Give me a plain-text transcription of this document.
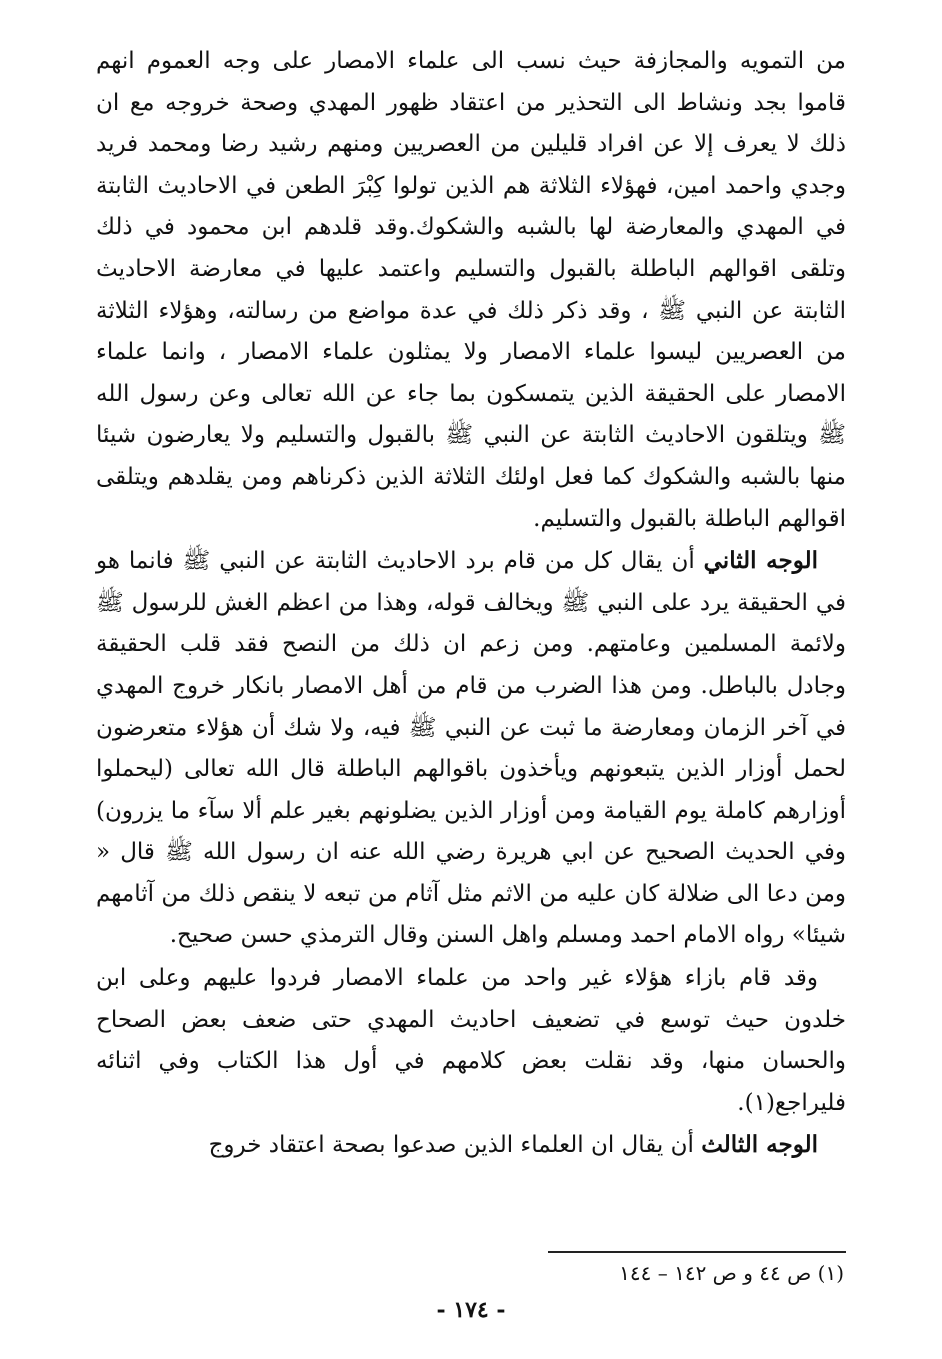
من التمويه والمجازفة حيث نسب الى علماء الامصار على وجه العموم انهم قاموا بجد ونشاط الى التحذير من اعتقاد ظهور المهدي وصحة خروجه مع ان ذلك لا يعرف إلا عن افراد قليلين من العصريين ومنهم رشيد رضا ومحمد فريد وجدي واحمد امين، فهؤلاء الثلاثة هم الذين تولوا كِبْرَ الطعن في الاحاديث الثابتة في المهدي والمعارضة لها بالشبه والشكوك.وقد قلدهم ابن محمود في ذلك وتلقى اقوالهم الباطلة بالقبول والتسليم واعتمد عليها في معارضة الاحاديث الثابتة عن النبي ﷺ ، وقد ذكر ذلك في عدة مواضع من رسالته، وهؤلاء الثلاثة من العصريين ليسوا علماء الامصار ولا يمثلون علماء الامصار ، وانما علماء الامصار على الحقيقة الذين يتمسكون بما جاء عن الله تعالى وعن رسول الله ﷺ ويتلقون الاحاديث الثابتة عن النبي ﷺ بالقبول والتسليم ولا يعارضون شيئا منها بالشبه والشكوك كما فعل اولئك الثلاثة الذين ذكرناهم ومن يقلدهم ويتلقى اقوالهم الباطلة بالقبول والتسليم.

الوجه الثاني أن يقال كل من قام برد الاحاديث الثابتة عن النبي ﷺ فانما هو في الحقيقة يرد على النبي ﷺ ويخالف قوله، وهذا من اعظم الغش للرسول ﷺ ولائمة المسلمين وعامتهم. ومن زعم ان ذلك من النصح فقد قلب الحقيقة وجادل بالباطل. ومن هذا الضرب من قام من أهل الامصار بانكار خروج المهدي في آخر الزمان ومعارضة ما ثبت عن النبي ﷺ فيه، ولا شك أن هؤلاء متعرضون لحمل أوزار الذين يتبعونهم ويأخذون باقوالهم الباطلة قال الله تعالى (ليحملوا أوزارهم كاملة يوم القيامة ومن أوزار الذين يضلونهم بغير علم ألا سآء ما يزرون) وفي الحديث الصحيح عن ابي هريرة رضي الله عنه ان رسول الله ﷺ قال « ومن دعا الى ضلالة كان عليه من الاثم مثل آثام من تبعه لا ينقص ذلك من آثامهم شيئا» رواه الامام احمد ومسلم واهل السنن وقال الترمذي حسن صحيح.

وقد قام بازاء هؤلاء غير واحد من علماء الامصار فردوا عليهم وعلى ابن خلدون حيث توسع في تضعيف احاديث المهدي حتى ضعف بعض الصحاح والحسان منها، وقد نقلت بعض كلامهم في أول هذا الكتاب وفي اثنائه فليراجع(١).

الوجه الثالث أن يقال ان العلماء الذين صدعوا بصحة اعتقاد خروج

(١) ص ٤٤ و ص ١٤٢ – ١٤٤
- ١٧٤ -
